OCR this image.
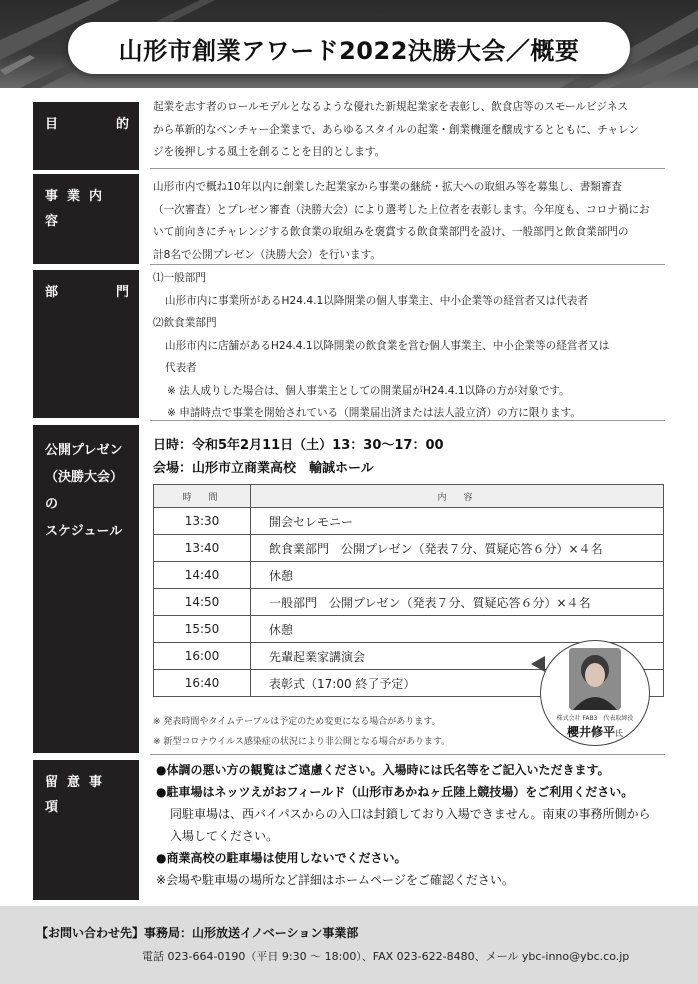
山形市創業アワード2022決勝大会／概要
目	的
起業を志す者のロールモデルとなるような優れた新規起業家を表彰し、飲食店等のスモールビジネス
から革新的なベンチャー企業まで、あらゆるスタイルの起業・創業機運を醸成するとともに、チャレン
ジを後押しする風土を創ることを目的とします。
事業内容
山形市内で概ね10年以内に創業した起業家から事業の継続・拡大への取組み等を募集し、書類審査
（一次審査）とプレゼン審査（決勝大会）により選考した上位者を表彰します。今年度も、コロナ禍にお
いて前向きにチャレンジする飲食業の取組みを褒賞する飲食業部門を設け、一般部門と飲食業部門の
計8名で公開プレゼン（決勝大会）を行います。
部	門
⑴一般部門
山形市内に事業所があるH24.4.1以降開業の個人事業主、中小企業等の経営者又は代表者
⑵飲食業部門
山形市内に店舗があるH24.4.1以降開業の飲食業を営む個人事業主、中小企業等の経営者又は
代表者
※ 法人成りした場合は、個人事業主としての開業届がH24.4.1以降の方が対象です。
※ 申請時点で事業を開始されている（開業届出済または法人設立済）の方に限ります。
公開プレゼン
（決勝大会）の
スケジュール
日時：令和5年2月11日（土）13：30～17：00
会場：山形市立商業高校　輸誠ホール
時　間	内　容
13:30	開会セレモニー
13:40	飲食業部門　公開プレゼン（発表７分、質疑応答６分）×４名
14:40	休憩
14:50	一般部門　公開プレゼン（発表７分、質疑応答６分）×４名
15:50	休憩
16:00	先輩起業家講演会
16:40	表彰式（17:00 終了予定）
株式会社 FAB3　代表取締役
櫻井修平氏
※ 発表時間やタイムテーブルは予定のため変更になる場合があります。
※ 新型コロナウイルス感染症の状況により非公開となる場合があります。
留意事項
●体調の悪い方の観覧はご遠慮ください。入場時には氏名等をご記入いただきます。
●駐車場はネッツえがおフィールド（山形市あかねヶ丘陸上競技場）をご利用ください。
同駐車場は、西バイパスからの入口は封鎖しており入場できません。南東の事務所側から
入場してください。
●商業高校の駐車場は使用しないでください。
※会場や駐車場の場所など詳細はホームページをご確認ください。
【お問い合わせ先】事務局：山形放送イノベーション事業部
電話 023-664-0190（平日 9:30 ～ 18:00）、FAX 023-622-8480、メール ybc-inno@ybc.co.jp
